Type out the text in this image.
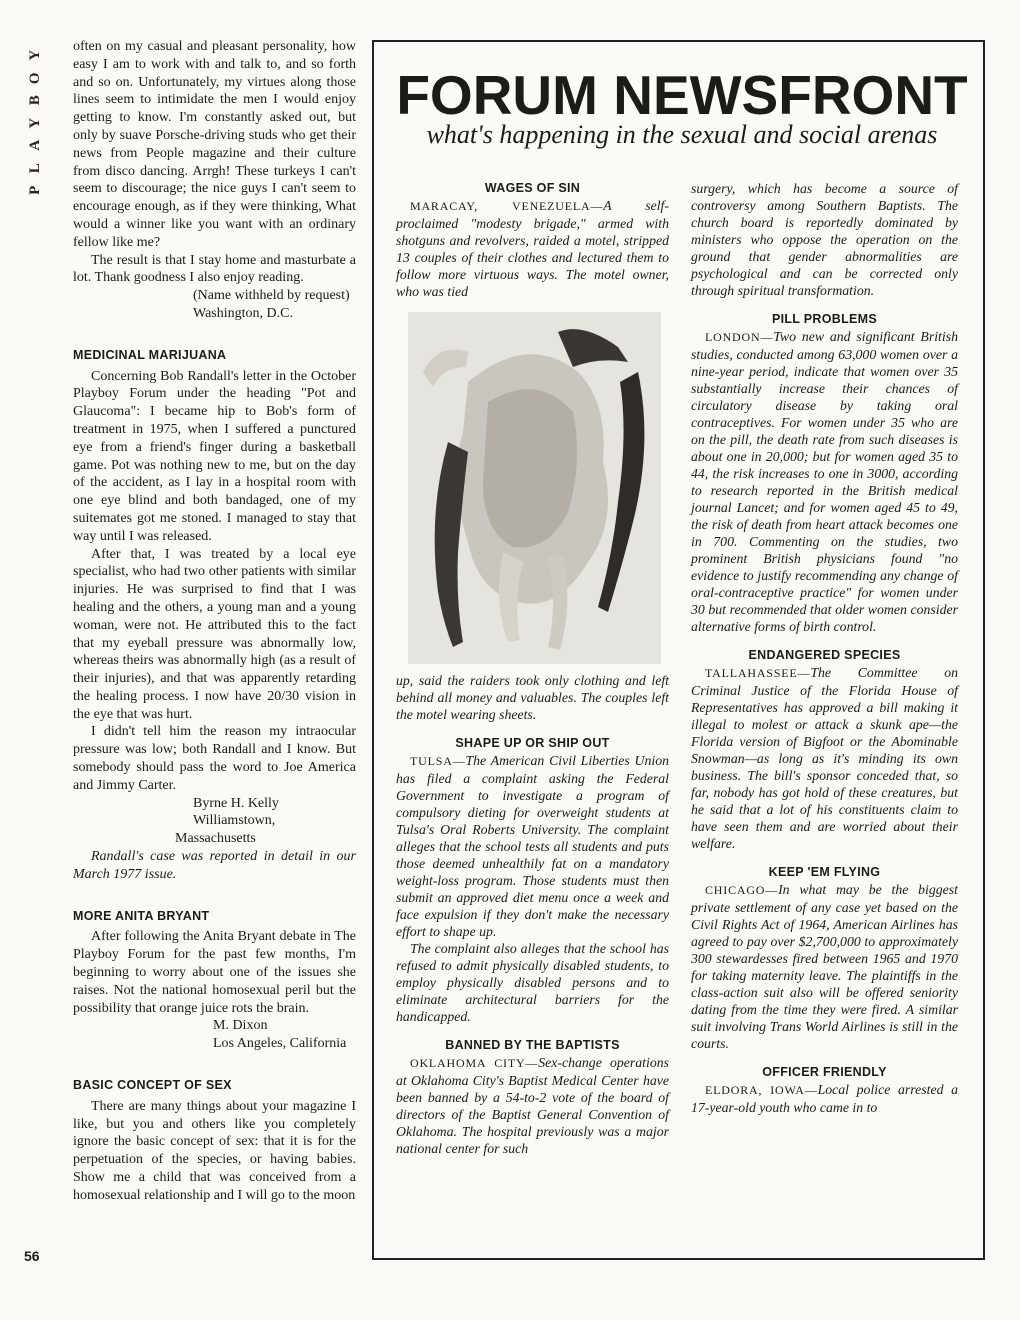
Y
O
B
Y
A
L
P
56

often on my casual and pleasant personality, how easy I am to work with and talk to, and so forth and so on. Unfortunately, my virtues along those lines seem to intimidate the men I would enjoy getting to know. I'm constantly asked out, but only by suave Porsche-driving studs who get their news from People magazine and their culture from disco dancing. Arrgh! These turkeys I can't seem to discourage; the nice guys I can't seem to encourage enough, as if they were thinking, What would a winner like you want with an ordinary fellow like me?

The result is that I stay home and masturbate a lot. Thank goodness I also enjoy reading.

(Name withheld by request)

Washington, D.C.

MEDICINAL MARIJUANA

Concerning Bob Randall's letter in the October Playboy Forum under the heading "Pot and Glaucoma": I became hip to Bob's form of treatment in 1975, when I suffered a punctured eye from a friend's finger during a basketball game. Pot was nothing new to me, but on the day of the accident, as I lay in a hospital room with one eye blind and both bandaged, one of my suitemates got me stoned. I managed to stay that way until I was released.

After that, I was treated by a local eye specialist, who had two other patients with similar injuries. He was surprised to find that I was healing and the others, a young man and a young woman, were not. He attributed this to the fact that my eyeball pressure was abnormally low, whereas theirs was abnormally high (as a result of their injuries), and that was apparently retarding the healing process. I now have 20/30 vision in the eye that was hurt.

I didn't tell him the reason my intraocular pressure was low; both Randall and I know. But somebody should pass the word to Joe America and Jimmy Carter.

Byrne H. Kelly

Williamstown, Massachusetts

Randall's case was reported in detail in our March 1977 issue.

MORE ANITA BRYANT

After following the Anita Bryant debate in The Playboy Forum for the past few months, I'm beginning to worry about one of the issues she raises. Not the national homosexual peril but the possibility that orange juice rots the brain.

M. Dixon

Los Angeles, California

BASIC CONCEPT OF SEX

There are many things about your magazine I like, but you and others like you completely ignore the basic concept of sex: that it is for the perpetuation of the species, or having babies. Show me a child that was conceived from a homosexual relationship and I will go to the moon

FORUM NEWSFRONT
what's happening in the sexual and social arenas
WAGES OF SIN

MARACAY, VENEZUELA—A self-proclaimed "modesty brigade," armed with shotguns and revolvers, raided a motel, stripped 13 couples of their clothes and lectured them to follow more virtuous ways. The motel owner, who was tied

up, said the raiders took only clothing and left behind all money and valuables. The couples left the motel wearing sheets.

SHAPE UP OR SHIP OUT

TULSA—The American Civil Liberties Union has filed a complaint asking the Federal Government to investigate a program of compulsory dieting for overweight students at Tulsa's Oral Roberts University. The complaint alleges that the school tests all students and puts those deemed unhealthily fat on a mandatory weight-loss program. Those students must then submit an approved diet menu once a week and face expulsion if they don't make the necessary effort to shape up.

The complaint also alleges that the school has refused to admit physically disabled students, to employ physically disabled persons and to eliminate architectural barriers for the handicapped.

BANNED BY THE BAPTISTS

OKLAHOMA CITY—Sex-change operations at Oklahoma City's Baptist Medical Center have been banned by a 54-to-2 vote of the board of directors of the Baptist General Convention of Oklahoma. The hospital previously was a major national center for such

surgery, which has become a source of controversy among Southern Baptists. The church board is reportedly dominated by ministers who oppose the operation on the ground that gender abnormalities are psychological and can be corrected only through spiritual transformation.

PILL PROBLEMS

LONDON—Two new and significant British studies, conducted among 63,000 women over a nine-year period, indicate that women over 35 substantially increase their chances of circulatory disease by taking oral contraceptives. For women under 35 who are on the pill, the death rate from such diseases is about one in 20,000; but for women aged 35 to 44, the risk increases to one in 3000, according to research reported in the British medical journal Lancet; and for women aged 45 to 49, the risk of death from heart attack becomes one in 700. Commenting on the studies, two prominent British physicians found "no evidence to justify recommending any change of oral-contraceptive practice" for women under 30 but recommended that older women consider alternative forms of birth control.

ENDANGERED SPECIES

TALLAHASSEE—The Committee on Criminal Justice of the Florida House of Representatives has approved a bill making it illegal to molest or attack a skunk ape—the Florida version of Bigfoot or the Abominable Snowman—as long as it's minding its own business. The bill's sponsor conceded that, so far, nobody has got hold of these creatures, but he said that a lot of his constituents claim to have seen them and are worried about their welfare.

KEEP 'EM FLYING

CHICAGO—In what may be the biggest private settlement of any case yet based on the Civil Rights Act of 1964, American Airlines has agreed to pay over $2,700,000 to approximately 300 stewardesses fired between 1965 and 1970 for taking maternity leave. The plaintiffs in the class-action suit also will be offered seniority dating from the time they were fired. A similar suit involving Trans World Airlines is still in the courts.

OFFICER FRIENDLY

ELDORA, IOWA—Local police arrested a 17-year-old youth who came in to
